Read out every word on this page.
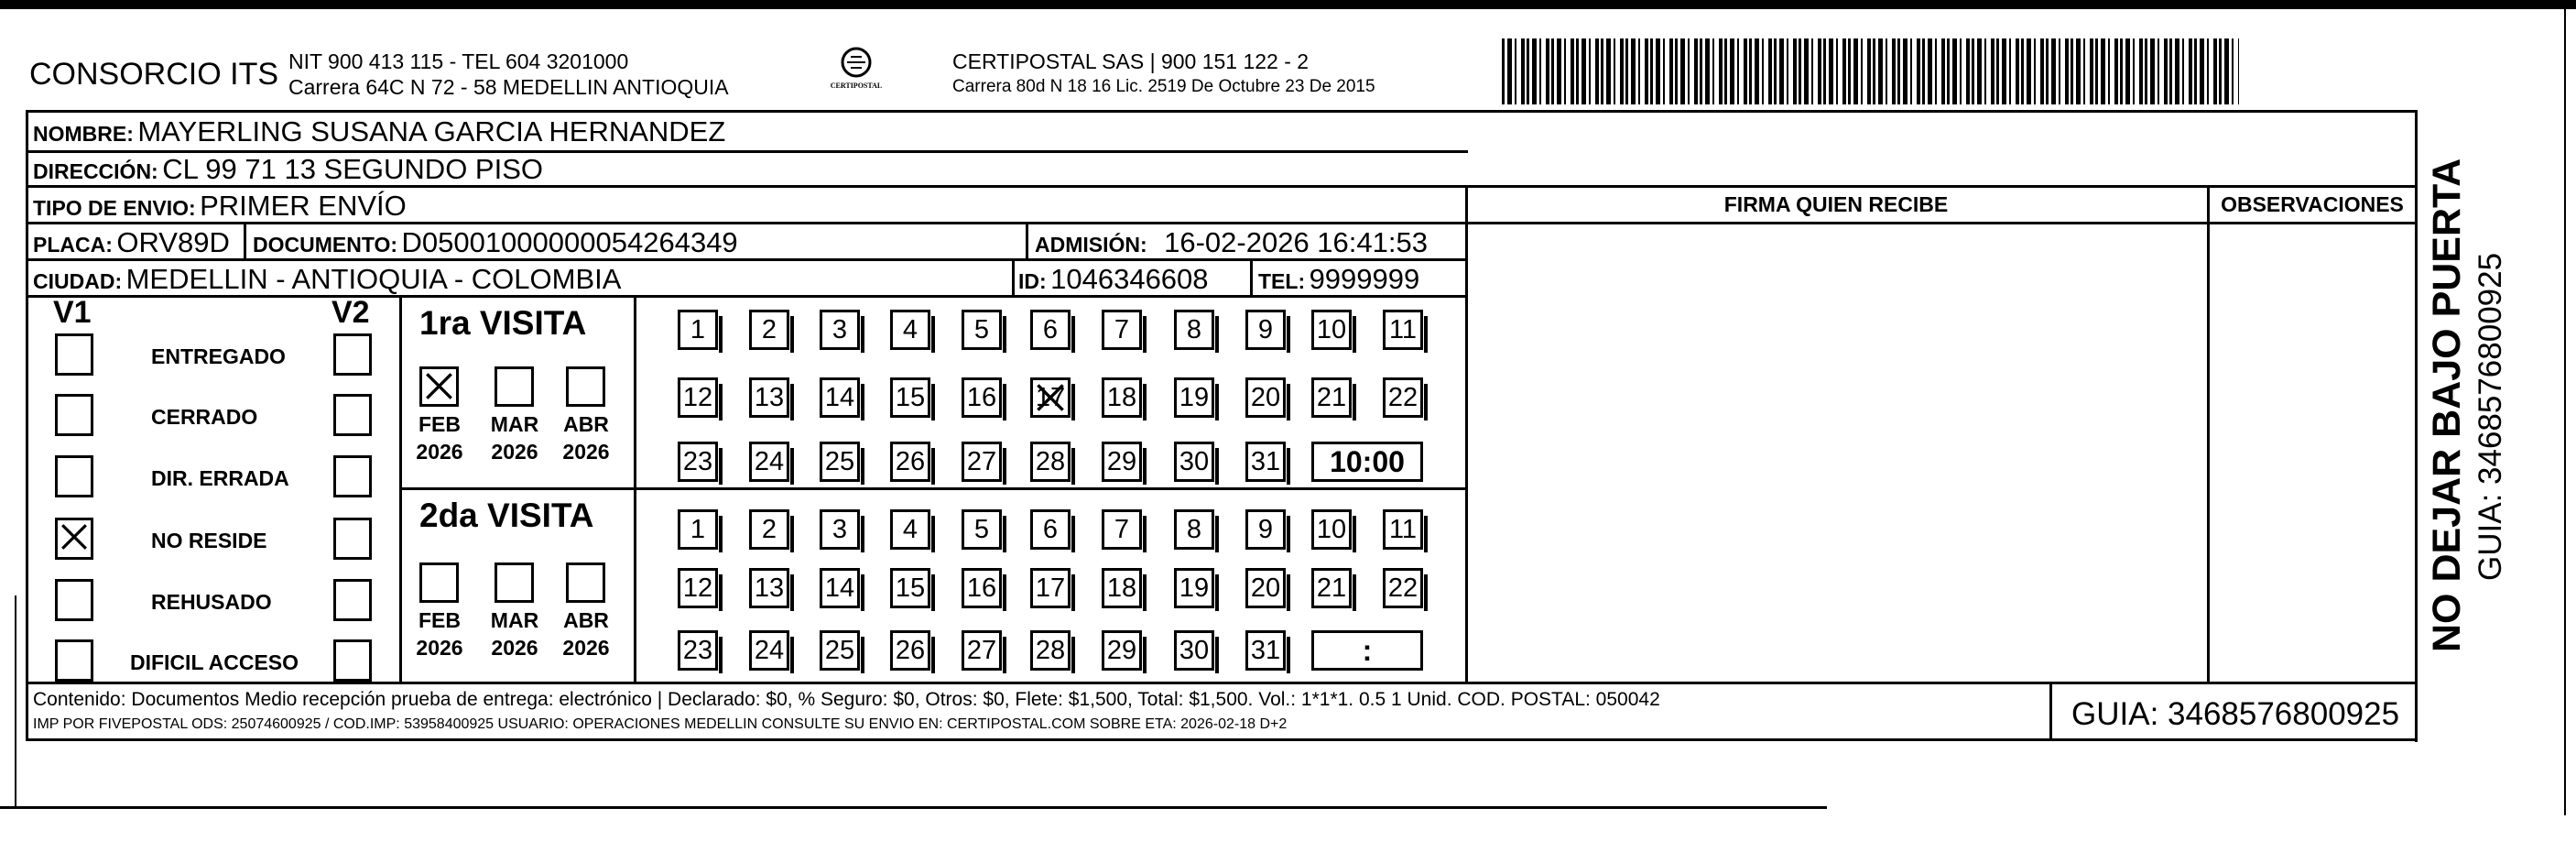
CONSORCIO ITS NIT 900 413 115 - TEL 604 3201000
Carrera 64C N 72 - 58 MEDELLIN ANTIOQUIA	CERTIPOSTAL
CERTIPOSTAL SAS | 900 151 122 - 2
Carrera 80d N 18 16 Lic. 2519 De Octubre 23 De 2015
NOMBRE: MAYERLING SUSANA GARCIA HERNANDEZ
DIRECCIÓN: CL 99 71 13 SEGUNDO PISO
TIPO DE ENVIO: PRIMER ENVÍO	FIRMA QUIEN RECIBE	OBSERVACIONES
PLACA: ORV89D DOCUMENTO: D0500100000005426434​9	ADMISIÓN: 16-02-2026 16:41:53
CIUDAD: MEDELLIN - ANTIOQUIA - COLOMBIA	ID: 1046346608 TEL: 9999999
V1	V2
ENTREGADO
CERRADO
DIR. ERRADA
NO RESIDE
REHUSADO
DIFICIL ACCESO
1ra VISITA
FEB
2026
MAR
2026
ABR
2026
1	2	3	4	5	6	7	8	9	10 11
12 13 14 15 16 17 18 19 20 21 22
23 24 25 26 27 28 29 30 31	10:00
2da VISITA
FEB
2026
MAR
2026
ABR
2026
1	2	3	4	5	6	7	8	9	10 11
12 13 14 15 16 17 18 19 20 21 22
23 24 25 26 27 28 29 30 31	:
Contenido: Documentos Medio recepción prueba de entrega: electrónico | Declarado: $0, % Seguro: $0, Otros: $0, Flete: $1,500, Total: $1,500. Vol.: 1*1*1. 0.5 1 Unid. COD. POSTAL: 050042
IMP POR FIVEPOSTAL ODS: 25074600925 / COD.IMP: 53958400925 USUARIO: OPERACIONES MEDELLIN CONSULTE SU ENVIO EN: CERTIPOSTAL.COM SOBRE ETA: 2026-02-18 D+2	GUIA: 3468576800925
NO DEJAR BAJO PUERTA GUIA: 3468576800925
